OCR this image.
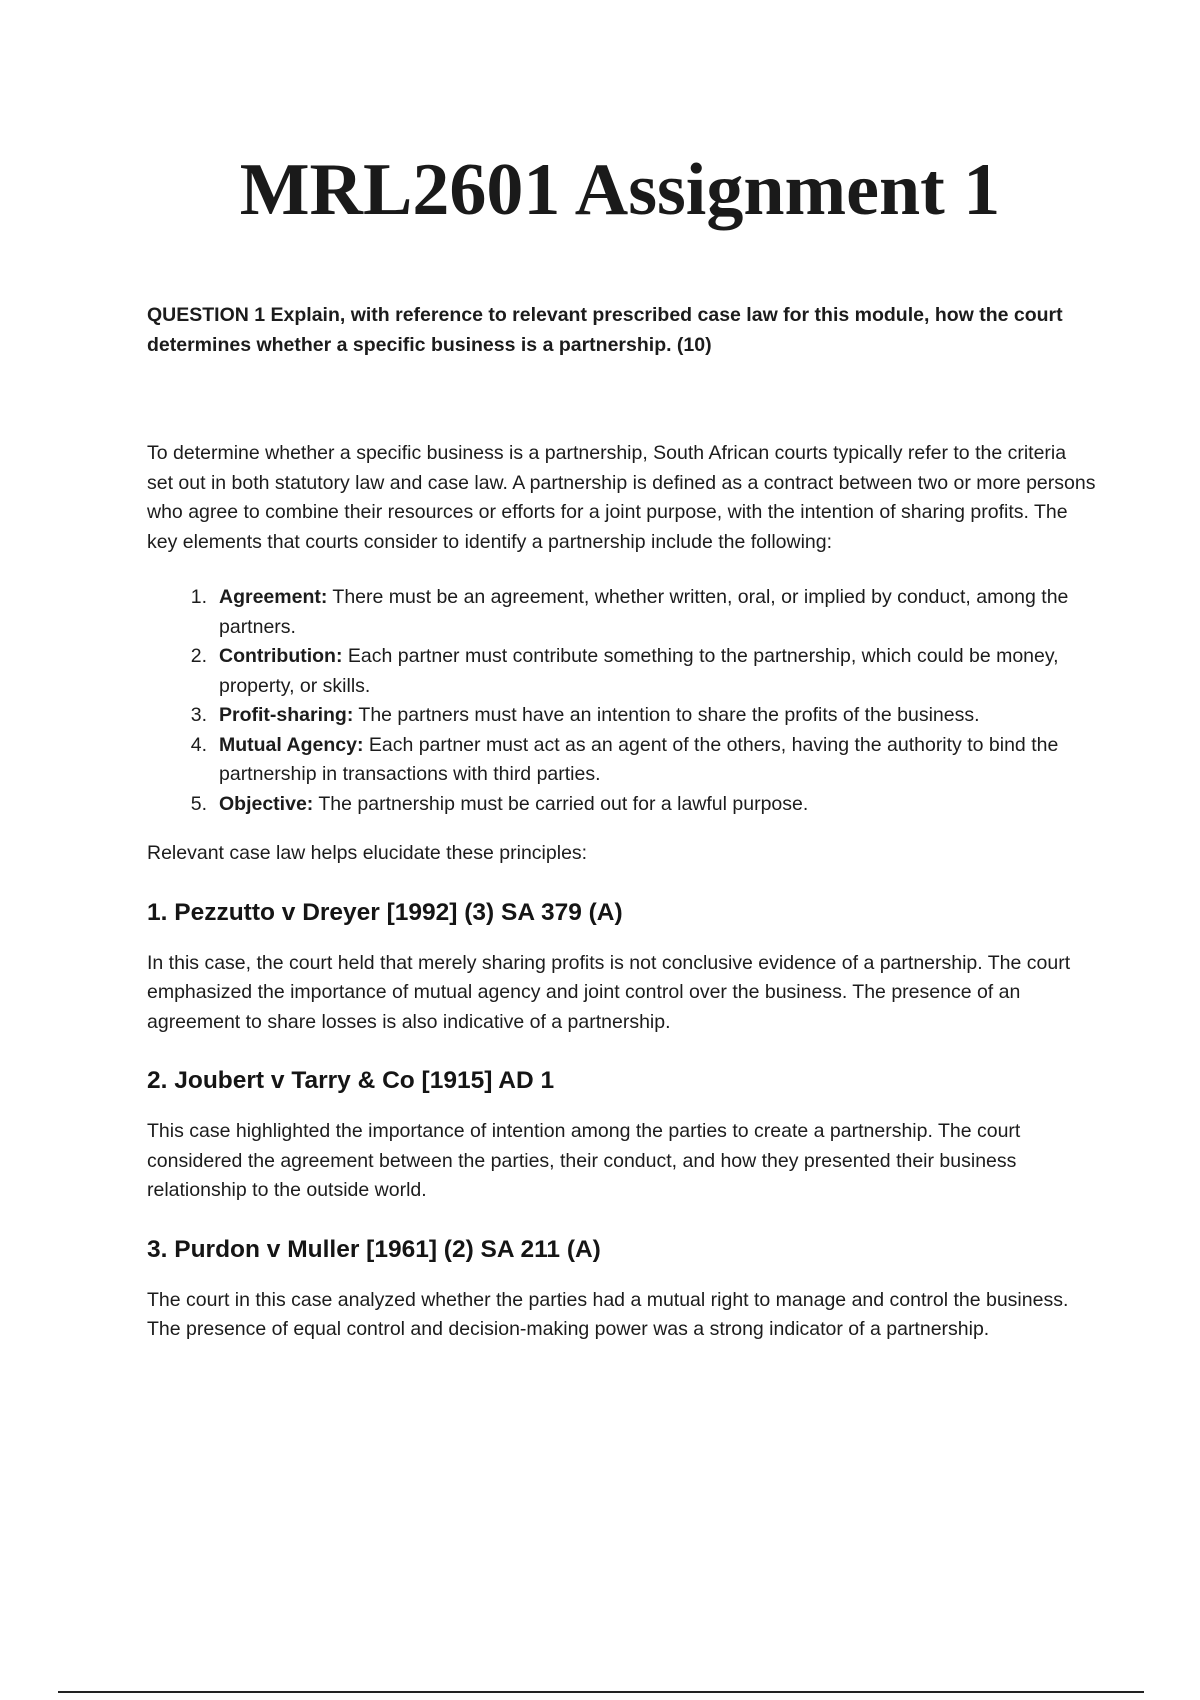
MRL2601 Assignment 1

QUESTION 1 Explain, with reference to relevant prescribed case law for this module, how the court determines whether a specific business is a partnership. (10)

To determine whether a specific business is a partnership, South African courts typically refer to the criteria set out in both statutory law and case law. A partnership is defined as a contract between two or more persons who agree to combine their resources or efforts for a joint purpose, with the intention of sharing profits. The key elements that courts consider to identify a partnership include the following:

1. Agreement: There must be an agreement, whether written, oral, or implied by conduct, among the partners.
2. Contribution: Each partner must contribute something to the partnership, which could be money, property, or skills.
3. Profit-sharing: The partners must have an intention to share the profits of the business.
4. Mutual Agency: Each partner must act as an agent of the others, having the authority to bind the partnership in transactions with third parties.
5. Objective: The partnership must be carried out for a lawful purpose.

Relevant case law helps elucidate these principles:

1. Pezzutto v Dreyer [1992] (3) SA 379 (A)

In this case, the court held that merely sharing profits is not conclusive evidence of a partnership. The court emphasized the importance of mutual agency and joint control over the business. The presence of an agreement to share losses is also indicative of a partnership.

2. Joubert v Tarry & Co [1915] AD 1

This case highlighted the importance of intention among the parties to create a partnership. The court considered the agreement between the parties, their conduct, and how they presented their business relationship to the outside world.

3. Purdon v Muller [1961] (2) SA 211 (A)

The court in this case analyzed whether the parties had a mutual right to manage and control the business. The presence of equal control and decision-making power was a strong indicator of a partnership.
